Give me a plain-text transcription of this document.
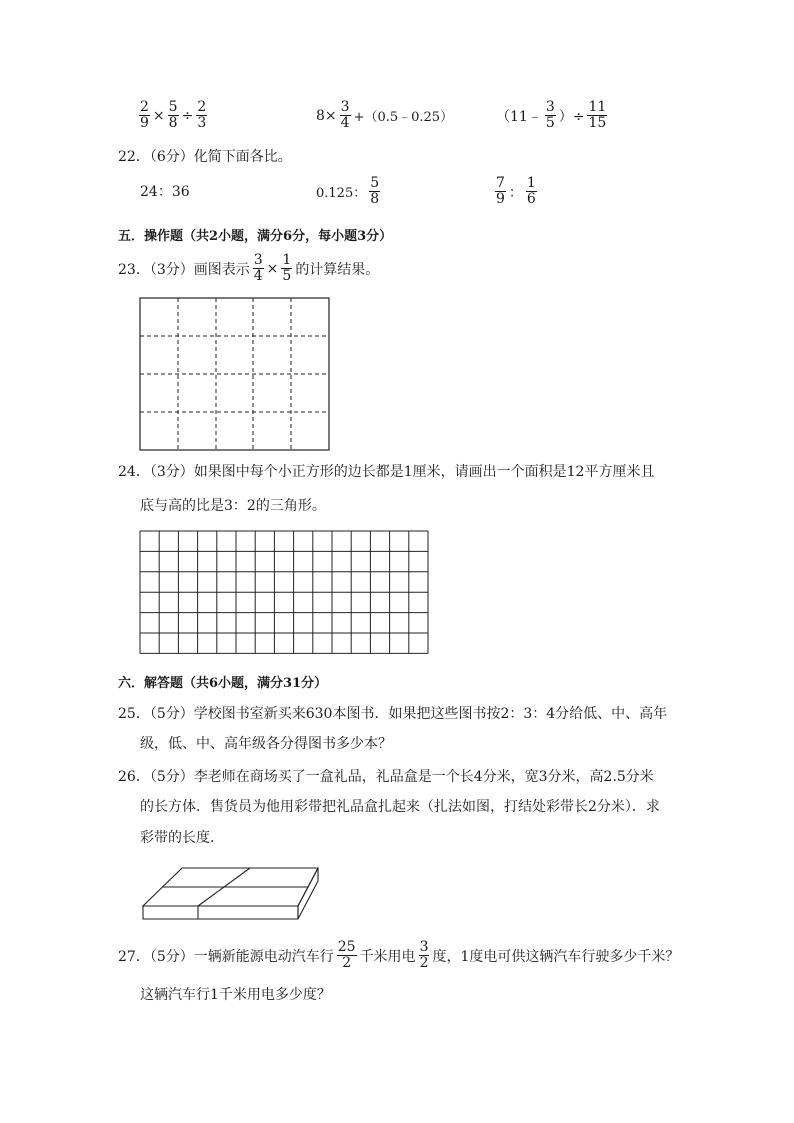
$\frac{2}{9} \times \frac{5}{8} \div \frac{2}{3}$	$8\times \frac{3}{4}$ +（0.5﹣0.25）	（11﹣ $\frac{3}{5}$ ）÷ $\frac{11}{15}$
22．（6分）化简下面各比。
24：36	0.125： $\frac{5}{8}$	$\frac{7}{9}$ ： $\frac{1}{6}$
五．操作题（共2小题，满分6分，每小题3分）
23．（3分）画图表示 $\frac{3}{4} \times \frac{1}{5}$ 的计算结果。
24．（3分）如果图中每个小正方形的边长都是1厘米，请画出一个面积是12平方厘米且
底与高的比是3：2的三角形。
六．解答题（共6小题，满分31分）
25．（5分）学校图书室新买来630本图书．如果把这些图书按2：3：4分给低、中、高年
级，低、中、高年级各分得图书多少本？
26．（5分）李老师在商场买了一盒礼品，礼品盒是一个长4分米，宽3分米，高2.5分米
的长方体．售货员为他用彩带把礼品盒扎起来（扎法如图，打结处彩带长2分米）．求
彩带的长度．
27．（5分）一辆新能源电动汽车行 $\frac{25}{2}$ 千米用电 $\frac{3}{2}$ 度，1度电可供这辆汽车行驶多少千米？
这辆汽车行1千米用电多少度？
